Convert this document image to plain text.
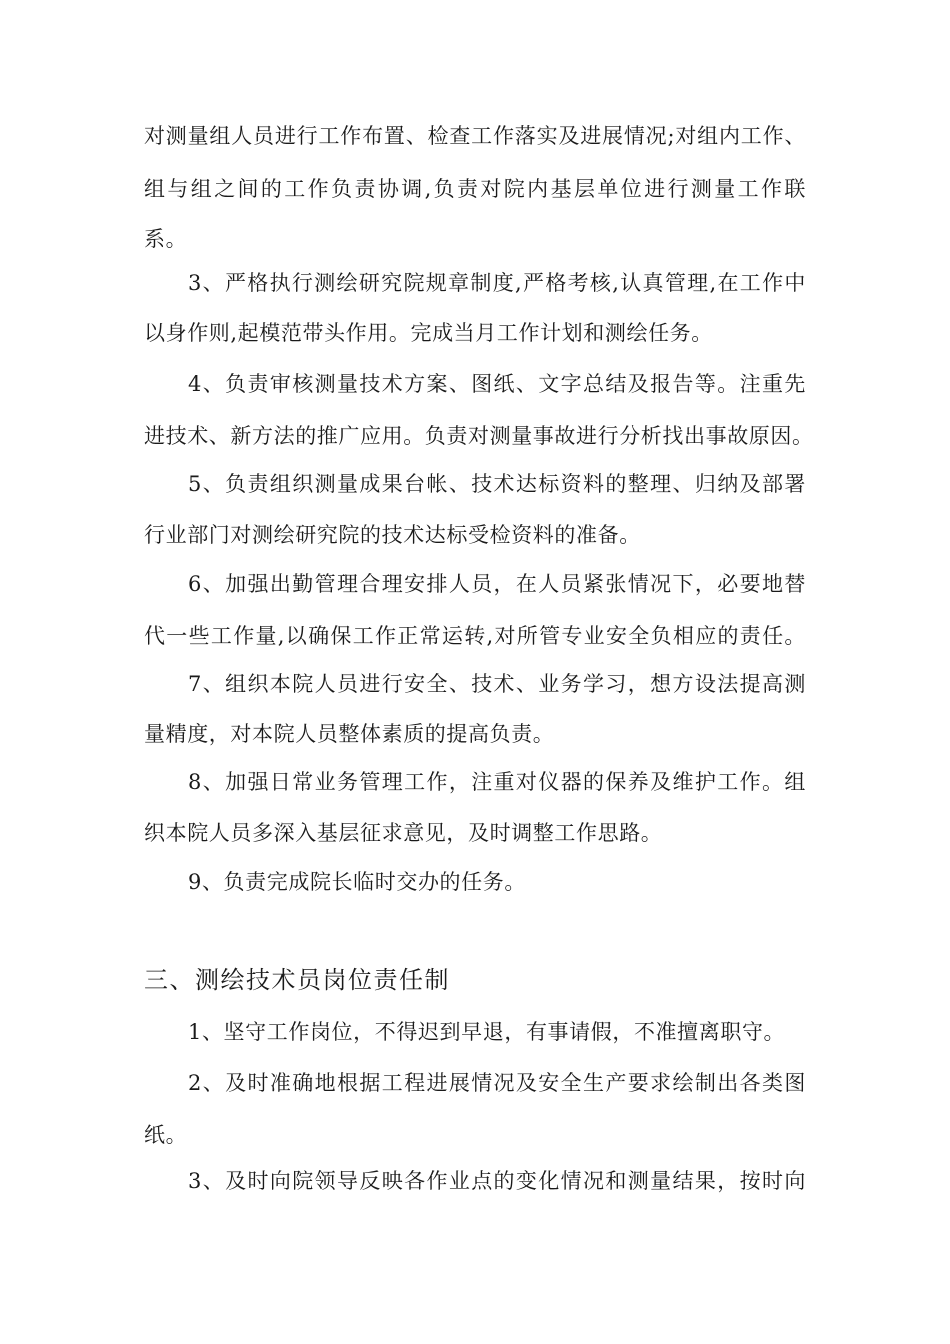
对测量组人员进行工作布置、检查工作落实及进展情况;对组内工作、
组与组之间的工作负责协调,负责对院内基层单位进行测量工作联
系。
3、严格执行测绘研究院规章制度,严格考核,认真管理,在工作中
以身作则,起模范带头作用。完成当月工作计划和测绘任务。
4、负责审核测量技术方案、图纸、文字总结及报告等。注重先
进技术、新方法的推广应用。负责对测量事故进行分析找出事故原因。
5、负责组织测量成果台帐、技术达标资料的整理、归纳及部署
行业部门对测绘研究院的技术达标受检资料的准备。
6、加强出勤管理合理安排人员，在人员紧张情况下，必要地替
代一些工作量,以确保工作正常运转,对所管专业安全负相应的责任。
7、组织本院人员进行安全、技术、业务学习，想方设法提高测
量精度，对本院人员整体素质的提高负责。
8、加强日常业务管理工作，注重对仪器的保养及维护工作。组
织本院人员多深入基层征求意见，及时调整工作思路。
9、负责完成院长临时交办的任务。
三、测绘技术员岗位责任制
1、坚守工作岗位，不得迟到早退，有事请假，不准擅离职守。
2、及时准确地根据工程进展情况及安全生产要求绘制出各类图
纸。
3、及时向院领导反映各作业点的变化情况和测量结果，按时向
